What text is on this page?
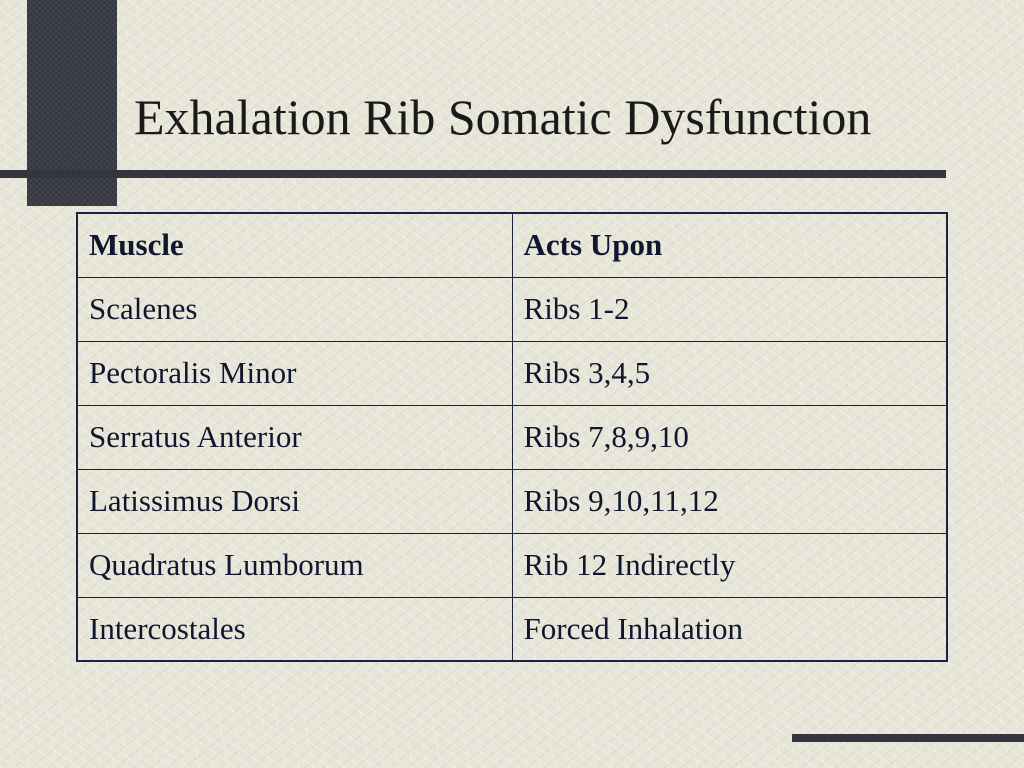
Exhalation Rib Somatic Dysfunction
Muscle	Acts Upon
Scalenes	Ribs 1-2
Pectoralis Minor	Ribs 3,4,5
Serratus Anterior	Ribs 7,8,9,10
Latissimus Dorsi	Ribs 9,10,11,12
Quadratus Lumborum	Rib 12 Indirectly
Intercostales	Forced Inhalation
